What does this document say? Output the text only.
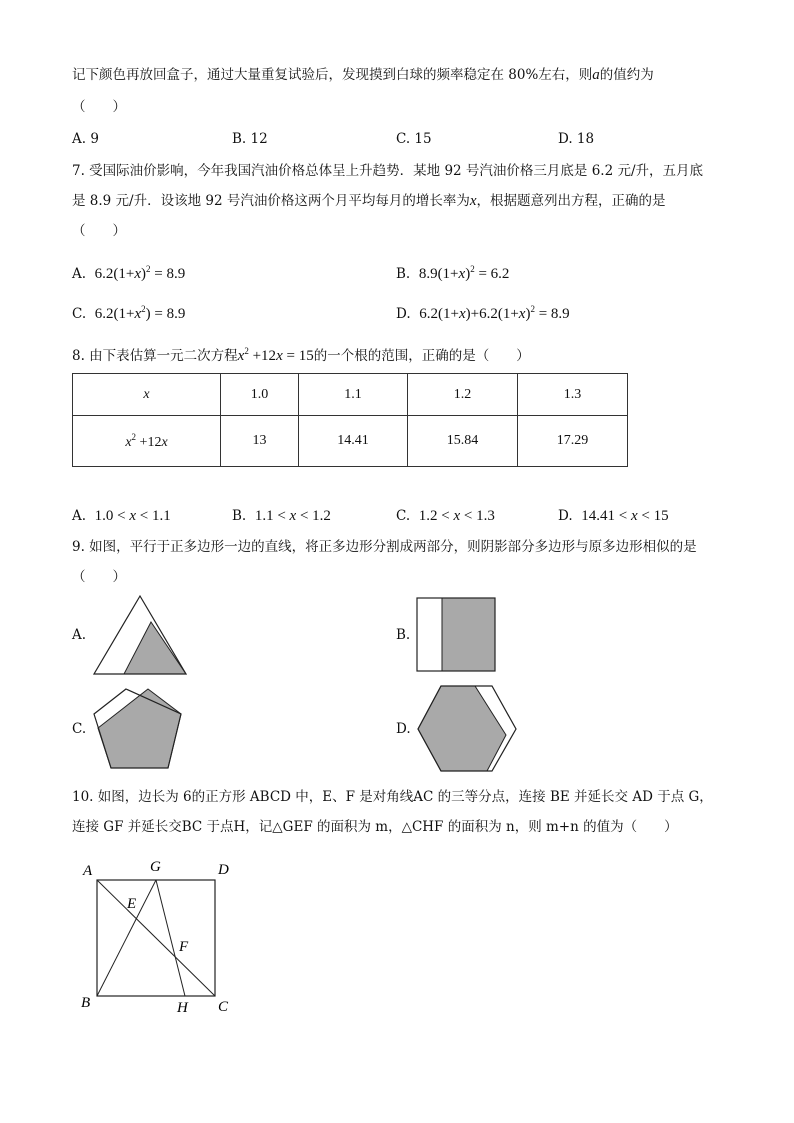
记下颜色再放回盒子，通过大量重复试验后，发现摸到白球的频率稳定在 80%左右，则a的值约为
（　　）
A. 9	B. 12	C. 15	D. 18
7. 受国际油价影响，今年我国汽油价格总体呈上升趋势．某地 92 号汽油价格三月底是 6.2 元/升，五月底
是 8.9 元/升．设该地 92 号汽油价格这两个月平均每月的增长率为x，根据题意列出方程，正确的是
（　　）
A. $6.2(1+x)^2 = 8.9$	B. $8.9(1+x)^2 = 6.2$
C. $6.2(1+x^2) = 8.9$	D. $6.2(1+x)+6.2(1+x)^2 = 8.9$
8. 由下表估算一元二次方程$x^2 +12x = 15$的一个根的范围，正确的是（　　）
x	1.0	1.1	1.2	1.3
$x^2 +12x$	13	14.41	15.84	17.29
A. 1.0 < x < 1.1	B. 1.1 < x < 1.2	C. 1.2 < x < 1.3	D. 14.41 < x < 15
9. 如图，平行于正多边形一边的直线，将正多边形分割成两部分，则阴影部分多边形与原多边形相似的是
（　　）
A.	B.
C.	D.
10. 如图，边长为 6的正方形 ABCD 中，E、F 是对角线AC 的三等分点，连接 BE 并延长交 AD 于点 G，
连接 GF 并延长交BC 于点H，记△GEF 的面积为 m，△CHF 的面积为 n，则 m+n 的值为（　　）
A	G	D
E
F
B	H C
